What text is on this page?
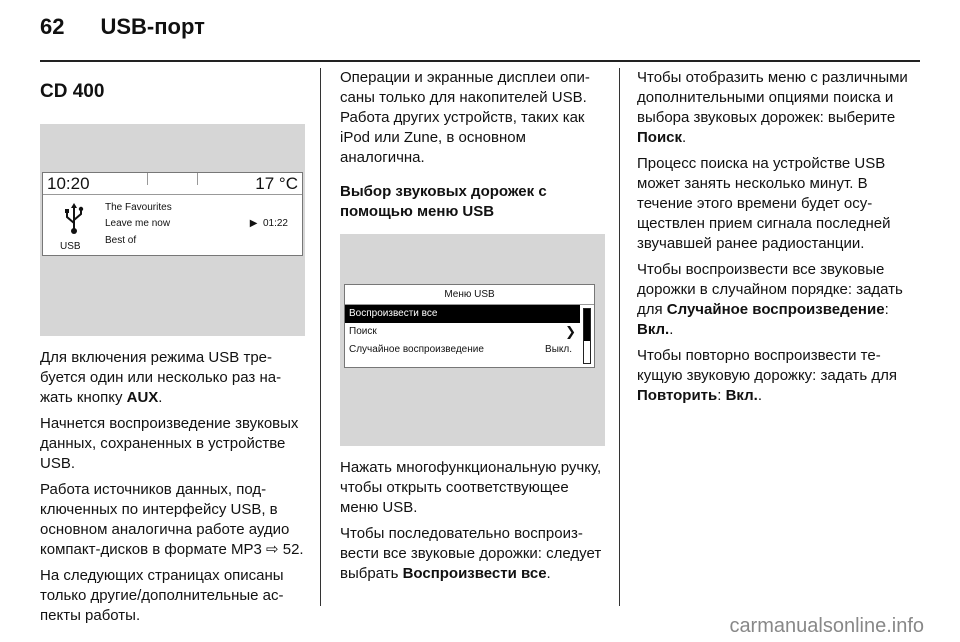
62 USB-порт

CD 400

10:20	17 °C
USB
The Favourites
Leave me now
Best of
▶ 01:22

Для включения режима USB требуется один или несколько раз нажать кнопку AUX.

Начнется воспроизведение звуковых данных, сохраненных в устройстве USB.

Работа источников данных, подключенных по интерфейсу USB, в основном аналогична работе аудио компакт-дисков в формате MP3 ⇨ 52.

На следующих страницах описаны только другие/дополнительные аспекты работы.

Операции и экранные дисплеи описаны только для накопителей USB. Работа других устройств, таких как iPod или Zune, в основном аналогична.

Выбор звуковых дорожек с помощью меню USB

Меню USB
Воспроизвести все
Поиск	❯
Случайное воспроизведение	Выкл.

Нажать многофункциональную ручку, чтобы открыть соответствующее меню USB.

Чтобы последовательно воспроизвести все звуковые дорожки: следует выбрать Воспроизвести все.

Чтобы отобразить меню с различными дополнительными опциями поиска и выбора звуковых дорожек: выберите Поиск.

Процесс поиска на устройстве USB может занять несколько минут. В течение этого времени будет осуществлен прием сигнала последней звучавшей ранее радиостанции.

Чтобы воспроизвести все звуковые дорожки в случайном порядке: задать для Случайное воспроизведение: Вкл..

Чтобы повторно воспроизвести текущую звуковую дорожку: задать для Повторить: Вкл..

carmanualsonline.info
